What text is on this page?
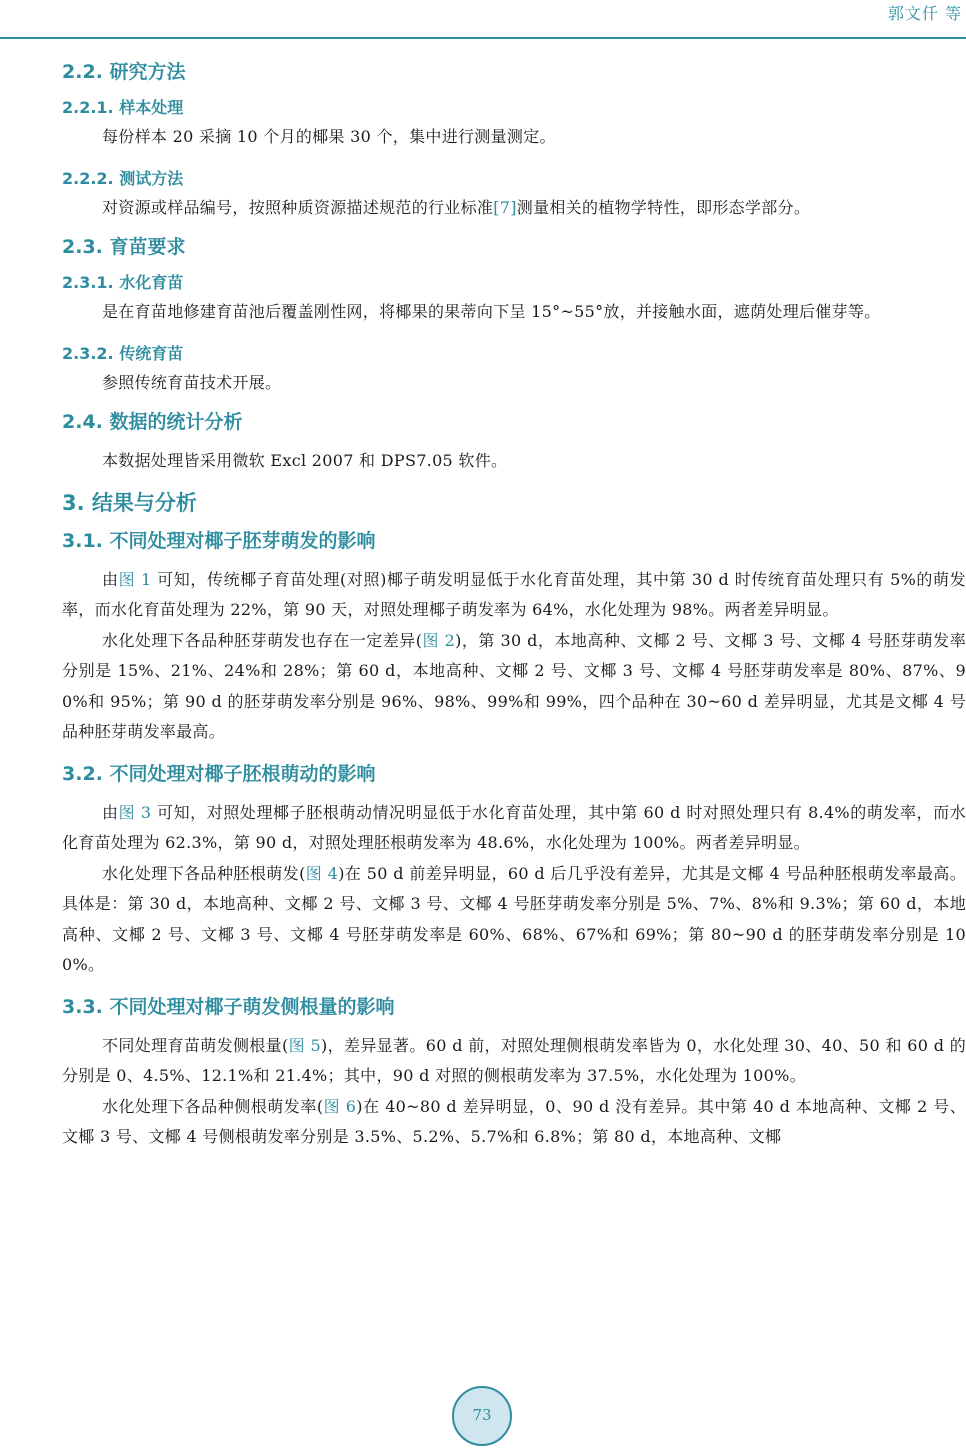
郭文仟 等
2.2. 研究方法
2.2.1. 样本处理

每份样本 20 采摘 10 个月的椰果 30 个，集中进行测量测定。

2.2.2. 测试方法

对资源或样品编号，按照种质资源描述规范的行业标准[7]测量相关的植物学特性，即形态学部分。

2.3. 育苗要求
2.3.1. 水化育苗

是在育苗地修建育苗池后覆盖刚性网，将椰果的果蒂向下呈 15°~55°放，并接触水面，遮荫处理后催芽等。

2.3.2. 传统育苗

参照传统育苗技术开展。

2.4. 数据的统计分析

本数据处理皆采用微软 Excl 2007 和 DPS7.05 软件。

3. 结果与分析
3.1. 不同处理对椰子胚芽萌发的影响

由图 1 可知，传统椰子育苗处理(对照)椰子萌发明显低于水化育苗处理，其中第 30 d 时传统育苗处理只有 5%的萌发率，而水化育苗处理为 22%，第 90 天，对照处理椰子萌发率为 64%，水化处理为 98%。两者差异明显。

水化处理下各品种胚芽萌发也存在一定差异(图 2)，第 30 d，本地高种、文椰 2 号、文椰 3 号、文椰 4 号胚芽萌发率分别是 15%、21%、24%和 28%；第 60 d，本地高种、文椰 2 号、文椰 3 号、文椰 4 号胚芽萌发率是 80%、87%、90%和 95%；第 90 d 的胚芽萌发率分别是 96%、98%、99%和 99%，四个品种在 30~60 d 差异明显，尤其是文椰 4 号品种胚芽萌发率最高。

3.2. 不同处理对椰子胚根萌动的影响

由图 3 可知，对照处理椰子胚根萌动情况明显低于水化育苗处理，其中第 60 d 时对照处理只有 8.4%的萌发率，而水化育苗处理为 62.3%，第 90 d，对照处理胚根萌发率为 48.6%，水化处理为 100%。两者差异明显。

水化处理下各品种胚根萌发(图 4)在 50 d 前差异明显，60 d 后几乎没有差异，尤其是文椰 4 号品种胚根萌发率最高。具体是：第 30 d，本地高种、文椰 2 号、文椰 3 号、文椰 4 号胚芽萌发率分别是 5%、7%、8%和 9.3%；第 60 d，本地高种、文椰 2 号、文椰 3 号、文椰 4 号胚芽萌发率是 60%、68%、67%和 69%；第 80~90 d 的胚芽萌发率分别是 100%。

3.3. 不同处理对椰子萌发侧根量的影响

不同处理育苗萌发侧根量(图 5)，差异显著。60 d 前，对照处理侧根萌发率皆为 0，水化处理 30、40、50 和 60 d 的分别是 0、4.5%、12.1%和 21.4%；其中，90 d 对照的侧根萌发率为 37.5%，水化处理为 100%。

水化处理下各品种侧根萌发率(图 6)在 40~80 d 差异明显，0、90 d 没有差异。其中第 40 d 本地高种、文椰 2 号、文椰 3 号、文椰 4 号侧根萌发率分别是 3.5%、5.2%、5.7%和 6.8%；第 80 d，本地高种、文椰

73
